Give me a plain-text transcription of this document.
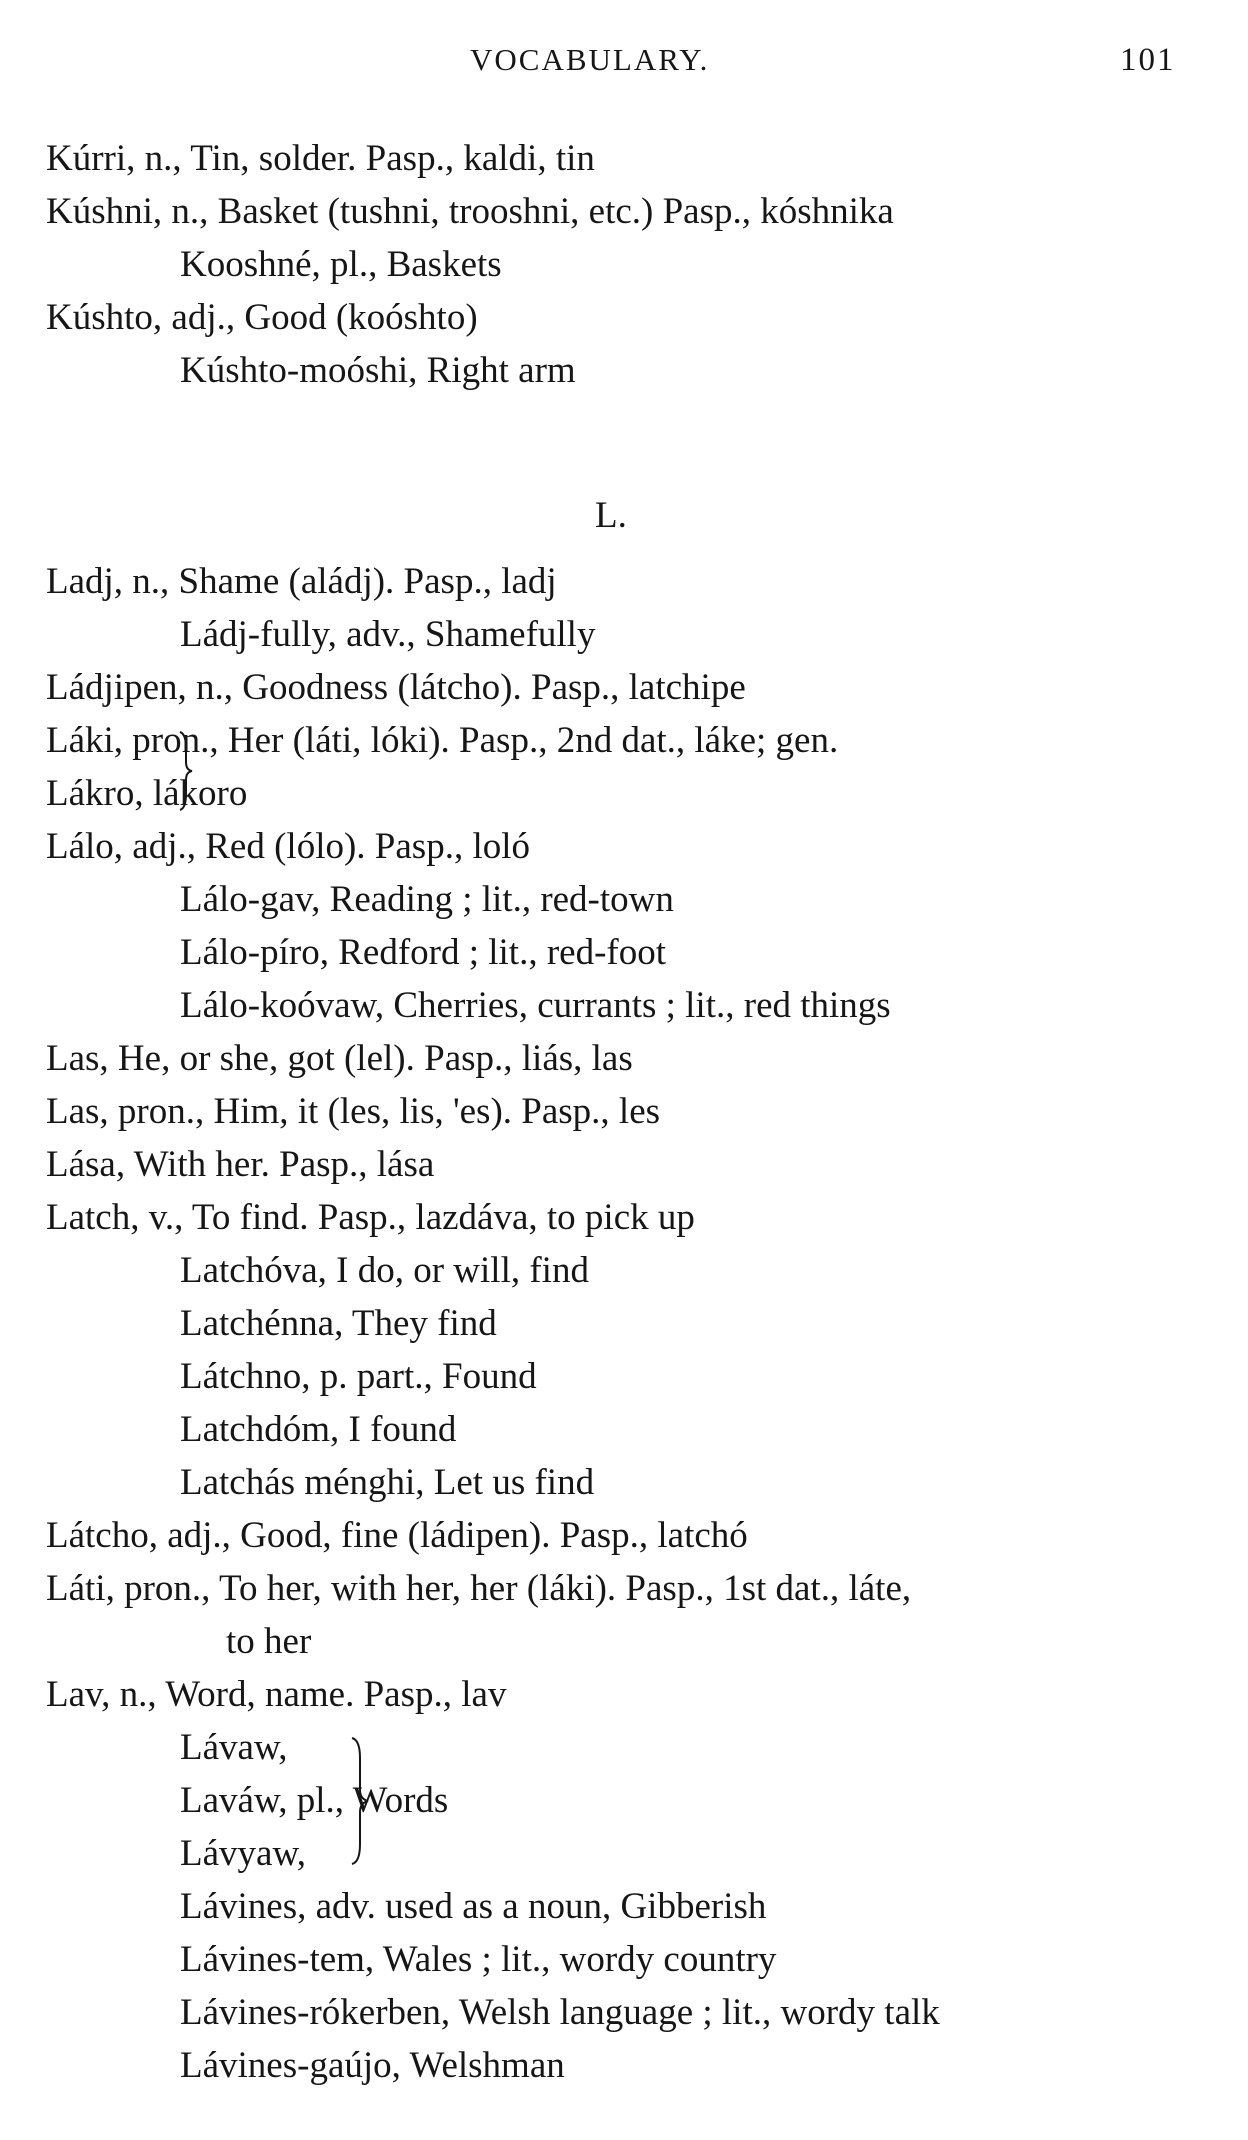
VOCABULARY.	101
Kúrri, n., Tin, solder. Pasp., kaldi, tin
Kúshni, n., Basket (tushni, trooshni, etc.) Pasp., kóshnika
Kooshné, pl., Baskets
Kúshto, adj., Good (koóshto)
Kúshto-moóshi, Right arm
L.
Ladj, n., Shame (aládj). Pasp., ladj
Ládj-fully, adv., Shamefully
Ládjipen, n., Goodness (látcho). Pasp., latchipe
Láki, pron., Her (láti, lóki). Pasp., 2nd dat., láke; gen.
Lákro, lákoro
Lálo, adj., Red (lólo). Pasp., loló
Lálo-gav, Reading ; lit., red-town
Lálo-píro, Redford ; lit., red-foot
Lálo-koóvaw, Cherries, currants ; lit., red things
Las, He, or she, got (lel). Pasp., liás, las
Las, pron., Him, it (les, lis, 'es). Pasp., les
Lása, With her. Pasp., lása
Latch, v., To find. Pasp., lazdáva, to pick up
Latchóva, I do, or will, find
Latchénna, They find
Látchno, p. part., Found
Latchdóm, I found
Latchás ménghi, Let us find
Látcho, adj., Good, fine (ládipen). Pasp., latchó
Láti, pron., To her, with her, her (láki). Pasp., 1st dat., láte,
to her
Lav, n., Word, name. Pasp., lav
Lávaw,
Laváw, pl., Words
Lávyaw,
Lávines, adv. used as a noun, Gibberish
Lávines-tem, Wales ; lit., wordy country
Lávines-rókerben, Welsh language ; lit., wordy talk
Lávines-gaújo, Welshman
